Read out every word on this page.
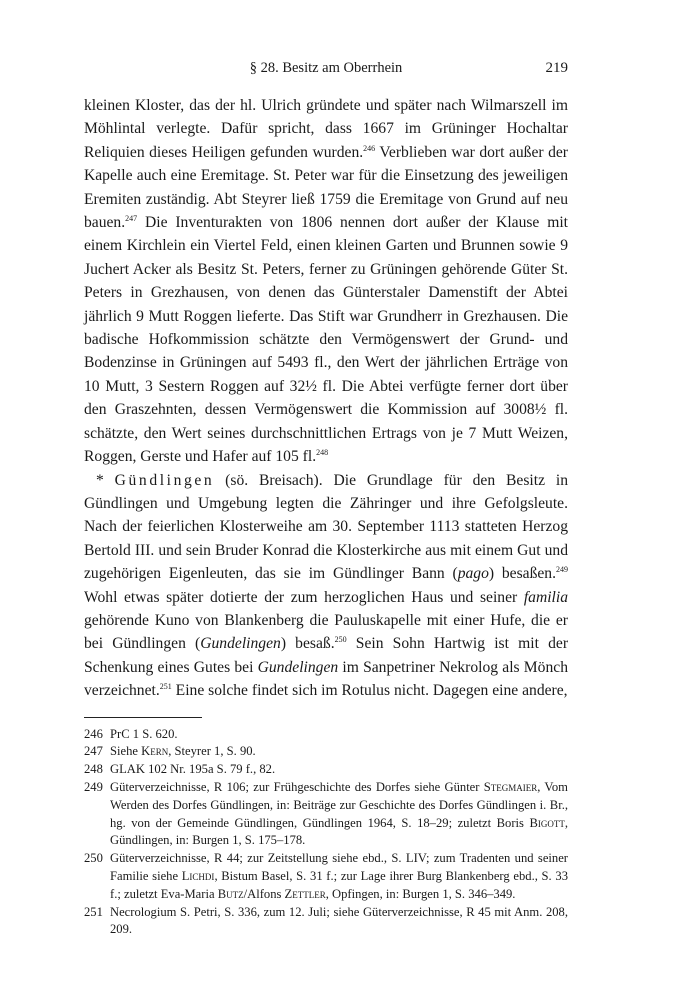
§ 28. Besitz am Oberrhein	219

kleinen Kloster, das der hl. Ulrich gründete und später nach Wilmarszell im Möhlintal verlegte. Dafür spricht, dass 1667 im Grüninger Hochaltar Reliquien dieses Heiligen gefunden wurden.$^{246}$ Verblieben war dort außer der Kapelle auch eine Eremitage. St. Peter war für die Einsetzung des jeweiligen Eremiten zuständig. Abt Steyrer ließ 1759 die Eremitage von Grund auf neu bauen.$^{247}$ Die Inventurakten von 1806 nennen dort außer der Klause mit einem Kirchlein ein Viertel Feld, einen kleinen Garten und Brunnen sowie 9 Juchert Acker als Besitz St. Peters, ferner zu Grüningen gehörende Güter St. Peters in Grezhausen, von denen das Günterstaler Damenstift der Abtei jährlich 9 Mutt Roggen lieferte. Das Stift war Grundherr in Grezhausen. Die badische Hofkommission schätzte den Vermögenswert der Grund- und Bodenzinse in Grüningen auf 5493 fl., den Wert der jährlichen Erträge von 10 Mutt, 3 Sestern Roggen auf 32½ fl. Die Abtei verfügte ferner dort über den Graszehnten, dessen Vermögenswert die Kommission auf 3008½ fl. schätzte, den Wert seines durchschnittlichen Ertrags von je 7 Mutt Weizen, Roggen, Gerste und Hafer auf 105 fl.$^{248}$

* Gündlingen (sö. Breisach). Die Grundlage für den Besitz in Gündlingen und Umgebung legten die Zähringer und ihre Gefolgsleute. Nach der feierlichen Klosterweihe am 30. September 1113 statteten Herzog Bertold III. und sein Bruder Konrad die Klosterkirche aus mit einem Gut und zugehörigen Eigenleuten, das sie im Gündlinger Bann (pago) besaßen.$^{249}$ Wohl etwas später dotierte der zum herzoglichen Haus und seiner familia gehörende Kuno von Blankenberg die Pauluskapelle mit einer Hufe, die er bei Gündlingen (Gundelingen) besaß.$^{250}$ Sein Sohn Hartwig ist mit der Schenkung eines Gutes bei Gundelingen im Sanpetriner Nekrolog als Mönch verzeichnet.$^{251}$ Eine solche findet sich im Rotulus nicht. Dagegen eine andere,

246 PrC 1 S. 620.
247 Siehe Kern, Steyrer 1, S. 90.
248 GLAK 102 Nr. 195a S. 79 f., 82.
249 Güterverzeichnisse, R 106; zur Frühgeschichte des Dorfes siehe Günter Stegmaier, Vom Werden des Dorfes Gündlingen, in: Beiträge zur Geschichte des Dorfes Gündlingen i. Br., hg. von der Gemeinde Gündlingen, Gündlingen 1964, S. 18–29; zuletzt Boris Bigott, Gündlingen, in: Burgen 1, S. 175–178.
250 Güterverzeichnisse, R 44; zur Zeitstellung siehe ebd., S. LIV; zum Tradenten und seiner Familie siehe Lichdi, Bistum Basel, S. 31 f.; zur Lage ihrer Burg Blankenberg ebd., S. 33 f.; zuletzt Eva-Maria Butz/Alfons Zettler, Opfingen, in: Burgen 1, S. 346–349.
251 Necrologium S. Petri, S. 336, zum 12. Juli; siehe Güterverzeichnisse, R 45 mit Anm. 208, 209.
